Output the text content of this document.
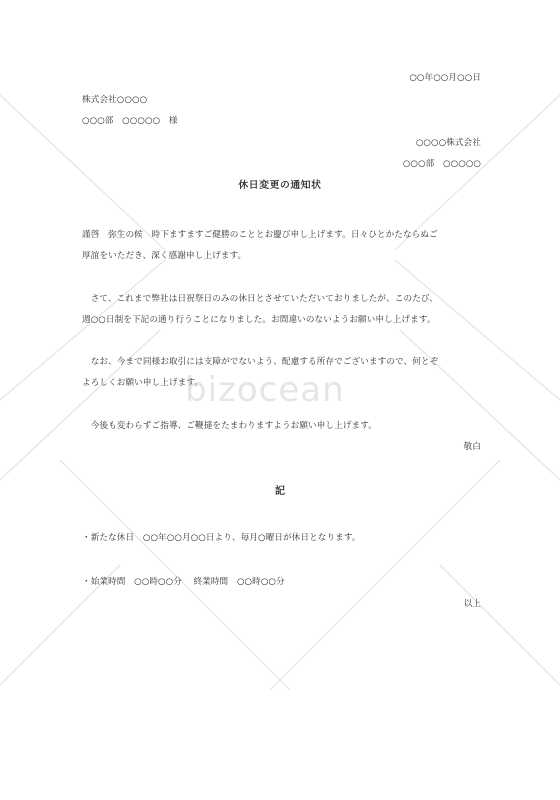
○○年○○月○○日
株式会社○○○○
○○○部　○○○○○　様
○○○○株式会社
○○○部　○○○○○
休日変更の通知状
謹啓　弥生の候　時下ますますご健勝のこととお慶び申し上げます。日々ひとかたならぬご
厚誼をいただき、深く感謝申し上げます。
　さて、これまで弊社は日祝祭日のみの休日とさせていただいておりましたが、このたび、
週○○日制を下記の通り行うことになりました。お間違いのないようお願い申し上げます。
　なお、今まで同様お取引には支障がでないよう、配慮する所存でございますので、何とぞ
よろしくお願い申し上げます。
　今後も変わらずご指導、ご鞭撻をたまわりますようお願い申し上げます。
敬白
記
・新たな休日　○○年○○月○○日より、毎月○曜日が休日となります。
・始業時間　○○時○○分　 終業時間　○○時○○分
以上
bizocean
